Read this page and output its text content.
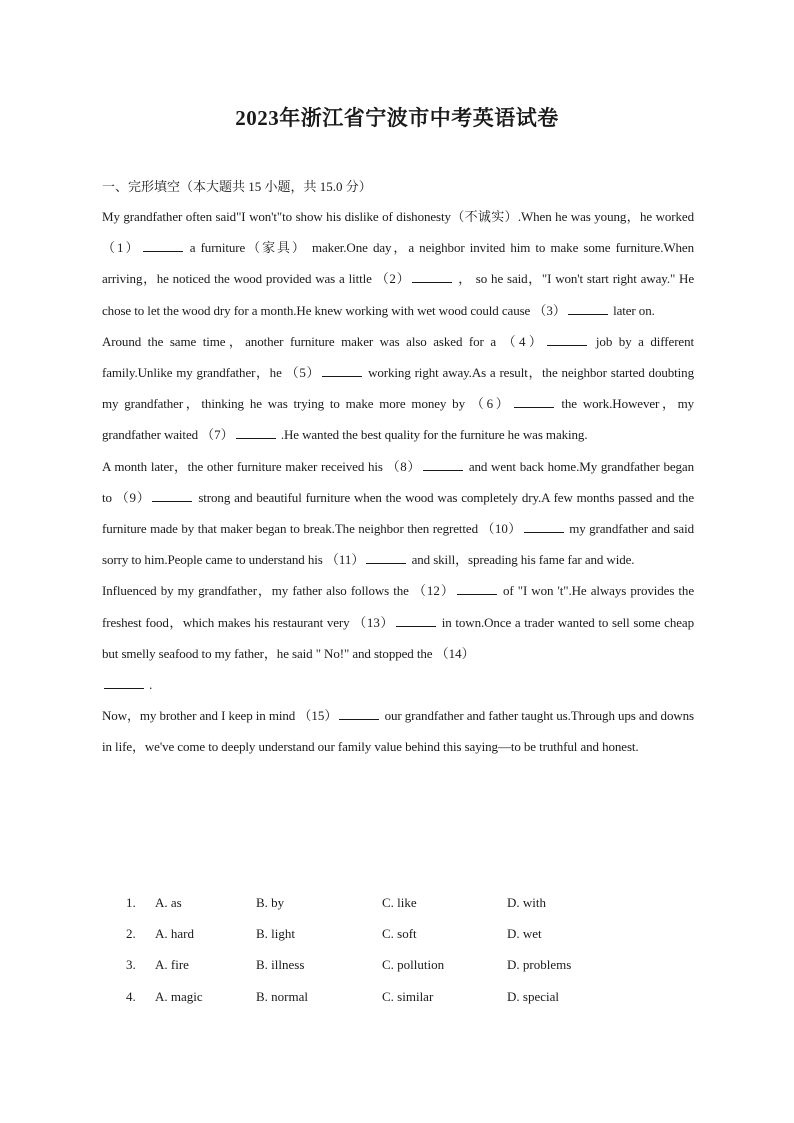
2023年浙江省宁波市中考英语试卷
一、完形填空（本大题共 15 小题，共 15.0 分）

My grandfather often said"I won't"to show his dislike of dishonesty（不诚实）.When he was young，he worked （1）	a furniture（家具） maker.One day，a neighbor invited him to make some furniture.When arriving，he noticed the wood provided was a little （2）	， so he said，"I won't start right away." He chose to let the wood dry for a month.He knew working with wet wood could cause （3）	later on.

Around the same time，another furniture maker was also asked for a （4）	job by a different family.Unlike my grandfather，he （5）	working right away.As a result，the neighbor started doubting my grandfather，thinking he was trying to make more money by （6）	the work.However，my grandfather waited （7）	.He wanted the best quality for the furniture he was making.

A month later，the other furniture maker received his （8）	and went back home.My grandfather began to （9）	strong and beautiful furniture when the wood was completely dry.A few months passed and the furniture made by that maker began to break.The neighbor then regretted （10）	my grandfather and said sorry to him.People came to understand his （11）	and skill，spreading his fame far and wide.

Influenced by my grandfather，my father also follows the （12）	of "I won 't".He always provides the freshest food，which makes his restaurant very （13）	in town.Once a trader wanted to sell some cheap but smelly seafood to my father，he said " No!" and stopped the （14）
.

Now，my brother and I keep in mind （15）	our grandfather and father taught us.Through ups and downs in life，we've come to deeply understand our family value behind this saying—to be truthful and honest.

1. A. as	B. by	C. like	D. with
2. A. hard	B. light	C. soft	D. wet
3. A. fire	B. illness	C. pollution	D. problems
4. A. magic	B. normal	C. similar	D. special
